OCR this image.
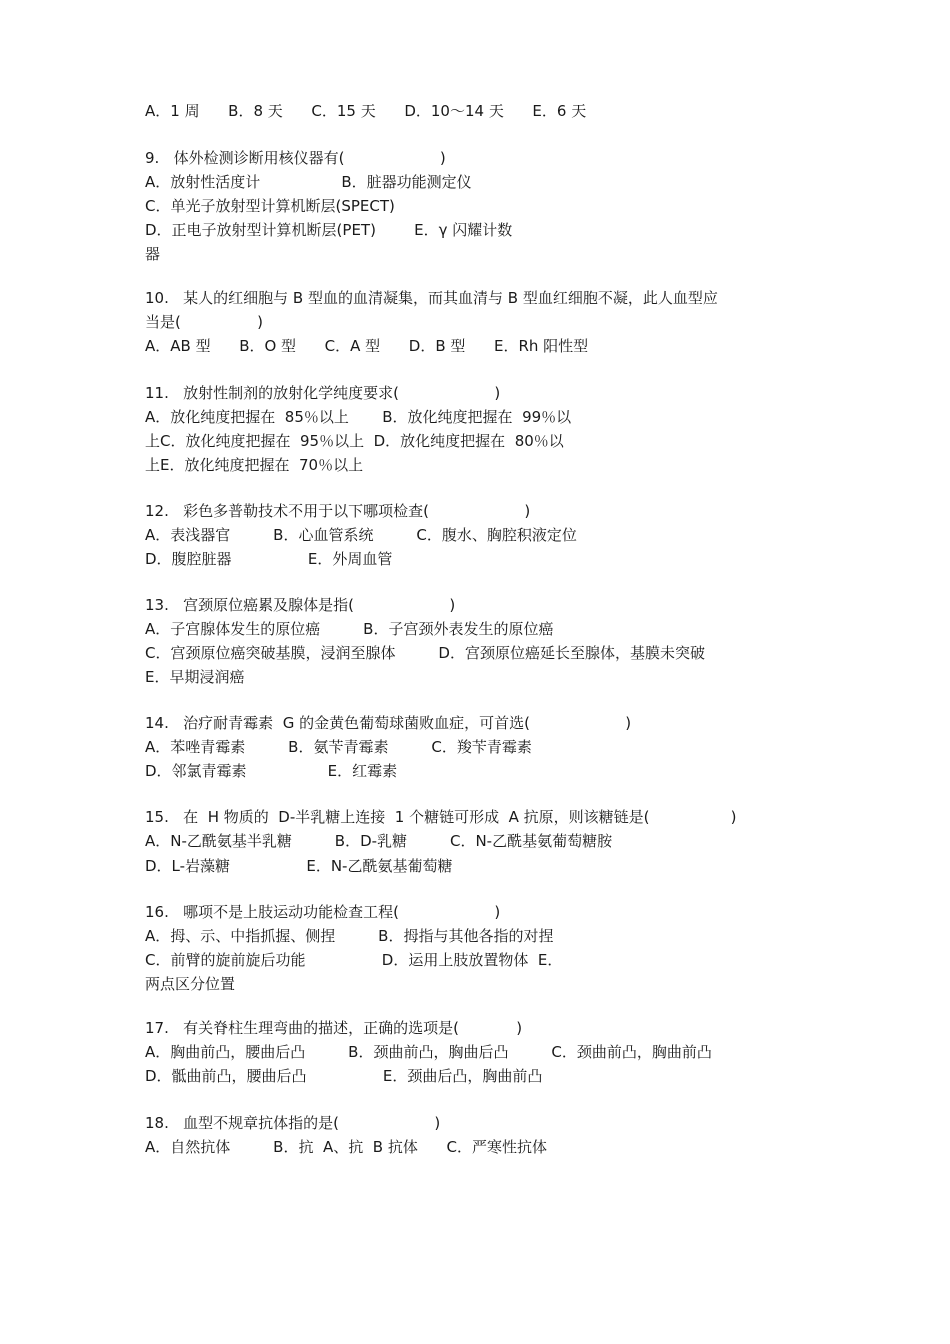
A．1 周      B．8 天      C．15 天      D．10～14 天      E．6 天
9.   体外检测诊断用核仪器有(                    )
A．放射性活度计                 B．脏器功能测定仪
C．单光子放射型计算机断层(SPECT)
D．正电子放射型计算机断层(PET)        E．γ 闪耀计数
器
10.   某人的红细胞与 B 型血的血清凝集，而其血清与 B 型血红细胞不凝，此人血型应
当是(                )
A．AB 型      B．O 型      C．A 型      D．B 型      E．Rh 阳性型
11.   放射性制剂的放射化学纯度要求(                    )
A．放化纯度把握在  85％以上       B．放化纯度把握在  99％以
上C．放化纯度把握在  95％以上  D．放化纯度把握在  80％以
上E．放化纯度把握在  70％以上
12.   彩色多普勒技术不用于以下哪项检查(                    )
A．表浅器官         B．心血管系统         C．腹水、胸腔积液定位
D．腹腔脏器                E．外周血管
13.   宫颈原位癌累及腺体是指(                    )
A．子宫腺体发生的原位癌         B．子宫颈外表发生的原位癌
C．宫颈原位癌突破基膜，浸润至腺体         D．宫颈原位癌延长至腺体，基膜未突破
E．早期浸润癌
14.   治疗耐青霉素  G 的金黄色葡萄球菌败血症，可首选(                    )
A．苯唑青霉素         B．氨苄青霉素         C．羧苄青霉素
D．邻氯青霉素                 E．红霉素
15.   在  H 物质的  D-半乳糖上连接  1 个糖链可形成  A 抗原，则该糖链是(                 )
A．N-乙酰氨基半乳糖         B．D-乳糖         C．N-乙酰基氨葡萄糖胺
D．L-岩藻糖                E．N-乙酰氨基葡萄糖
16.   哪项不是上肢运动功能检查工程(                    )
A．拇、示、中指抓握、侧捏         B．拇指与其他各指的对捏
C．前臂的旋前旋后功能                D．运用上肢放置物体  E．
两点区分位置
17.   有关脊柱生理弯曲的描述，正确的选项是(            )
A．胸曲前凸，腰曲后凸         B．颈曲前凸，胸曲后凸         C．颈曲前凸，胸曲前凸
D．骶曲前凸，腰曲后凸                E．颈曲后凸，胸曲前凸
18.   血型不规章抗体指的是(                    )
A．自然抗体         B．抗  A、抗  B 抗体      C．严寒性抗体
